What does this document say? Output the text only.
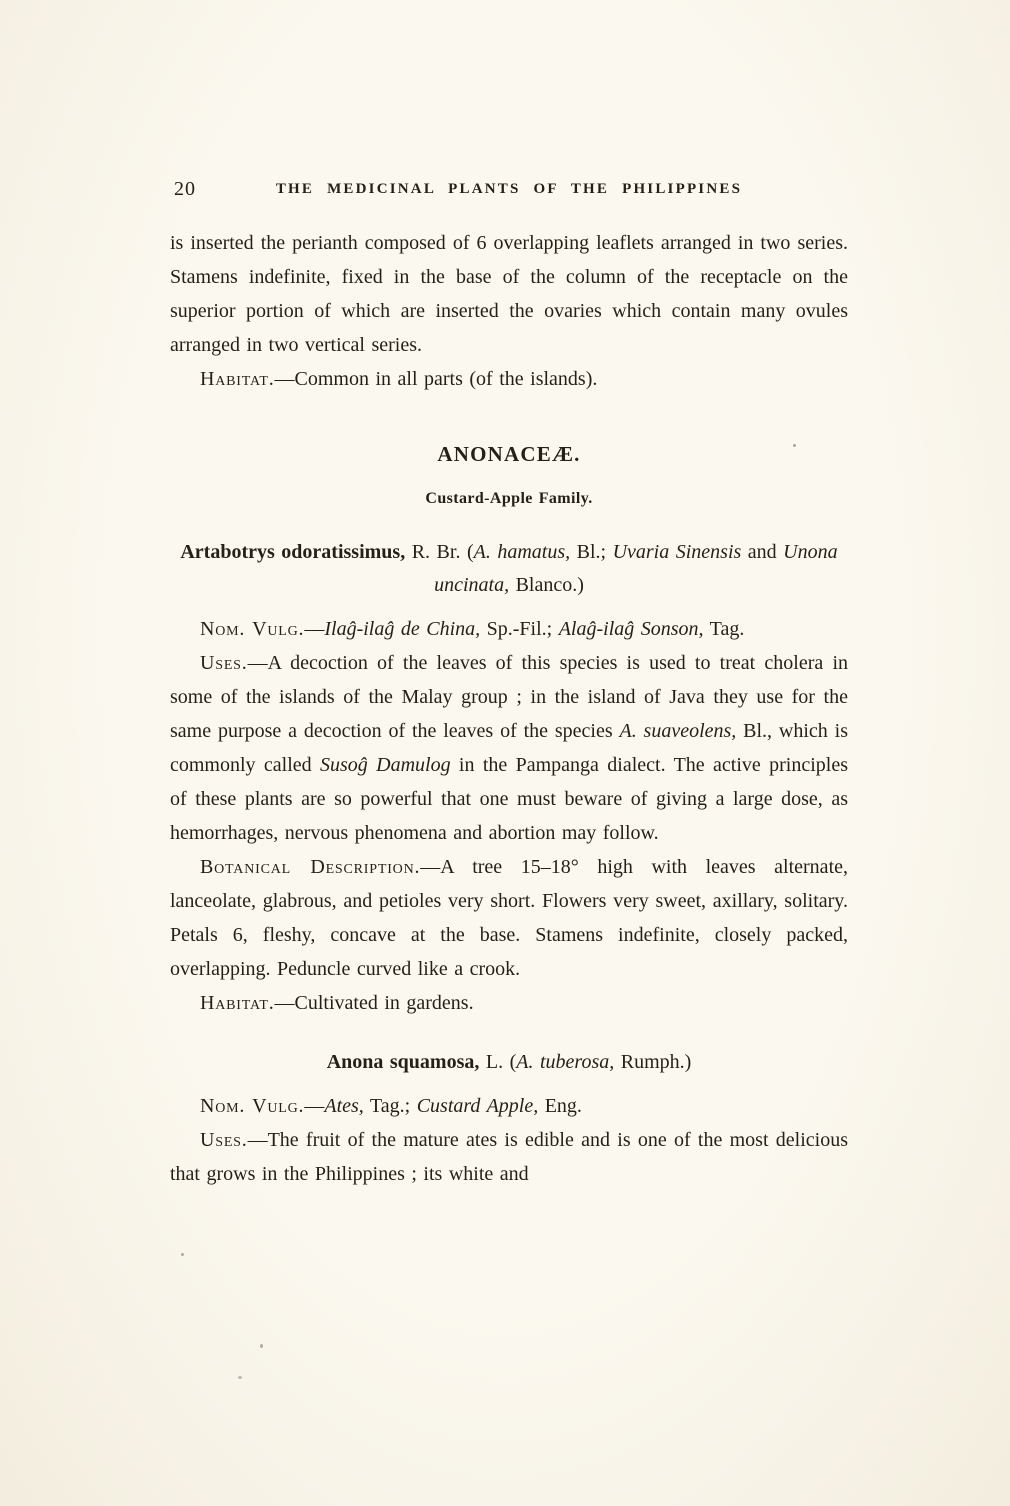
20	THE MEDICINAL PLANTS OF THE PHILIPPINES

is inserted the perianth composed of 6 overlapping leaflets arranged in two series. Stamens indefinite, fixed in the base of the column of the receptacle on the superior portion of which are inserted the ovaries which contain many ovules arranged in two vertical series.

Habitat.—Common in all parts (of the islands).

ANONACEÆ.

Custard-Apple Family.

Artabotrys odoratissimus, R. Br. (A. hamatus, Bl.; Uvaria Sinensis and Unona uncinata, Blanco.)

Nom. Vulg.—Ilaĝ-ilaĝ de China, Sp.-Fil.; Alaĝ-ilaĝ Sonson, Tag.

Uses.—A decoction of the leaves of this species is used to treat cholera in some of the islands of the Malay group ; in the island of Java they use for the same purpose a decoction of the leaves of the species A. suaveolens, Bl., which is commonly called Susoĝ Damulog in the Pampanga dialect. The active principles of these plants are so powerful that one must beware of giving a large dose, as hemorrhages, nervous phenomena and abortion may follow.

Botanical Description.—A tree 15–18° high with leaves alternate, lanceolate, glabrous, and petioles very short. Flowers very sweet, axillary, solitary. Petals 6, fleshy, concave at the base. Stamens indefinite, closely packed, overlapping. Peduncle curved like a crook.

Habitat.—Cultivated in gardens.

Anona squamosa, L. (A. tuberosa, Rumph.)

Nom. Vulg.—Ates, Tag.; Custard Apple, Eng.

Uses.—The fruit of the mature ates is edible and is one of the most delicious that grows in the Philippines ; its white and
